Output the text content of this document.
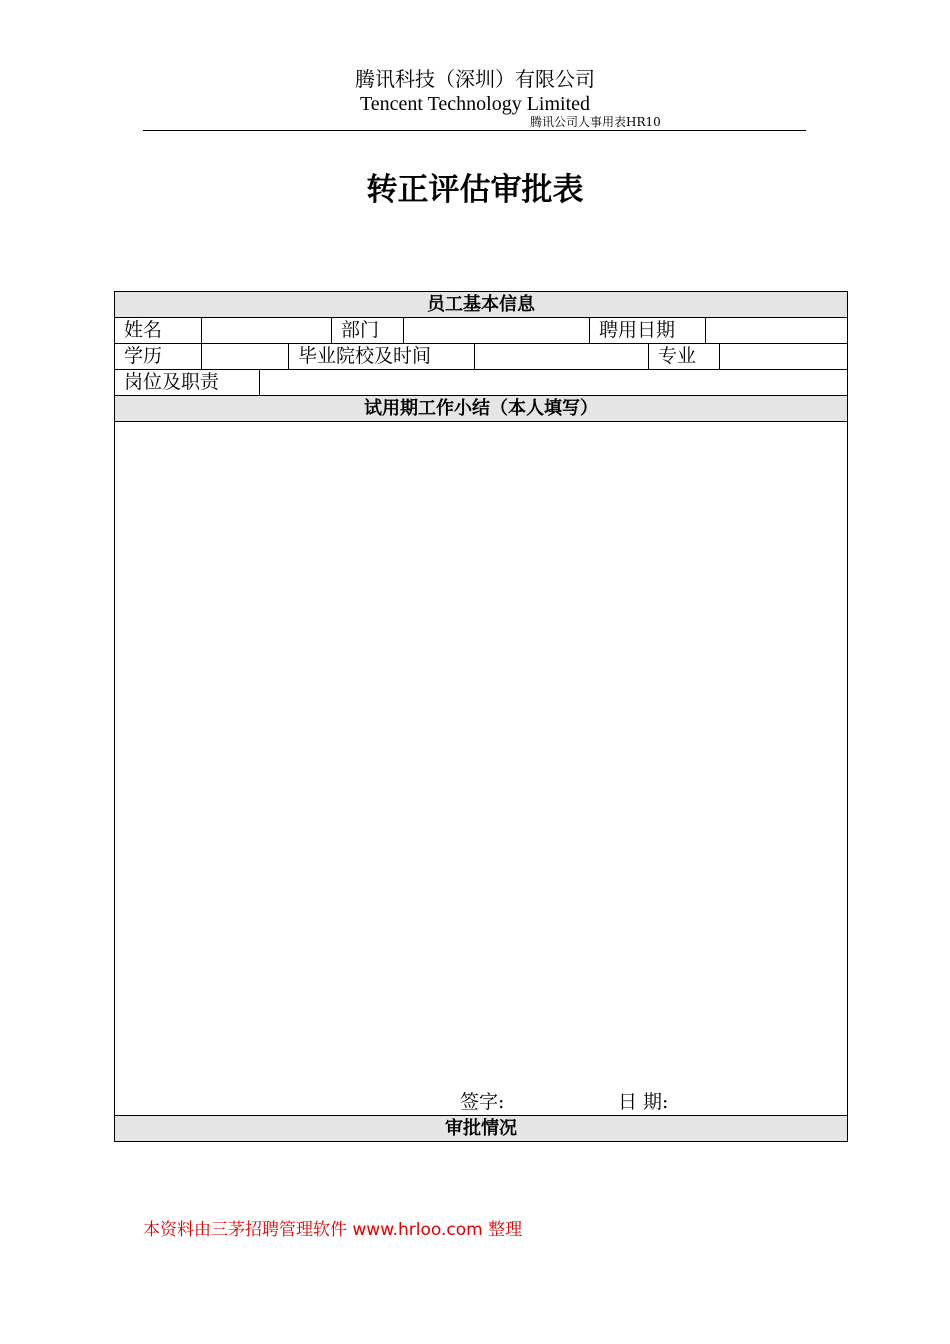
腾讯科技（深圳）有限公司
Tencent Technology Limited
腾讯公司人事用表HR10
转正评估审批表
员工基本信息
姓名	部门	聘用日期
学历	毕业院校及时间	专业
岗位及职责
试用期工作小结（本人填写）
签字:	日 期:
审批情况
本资料由三茅招聘管理软件 www.hrloo.com 整理
